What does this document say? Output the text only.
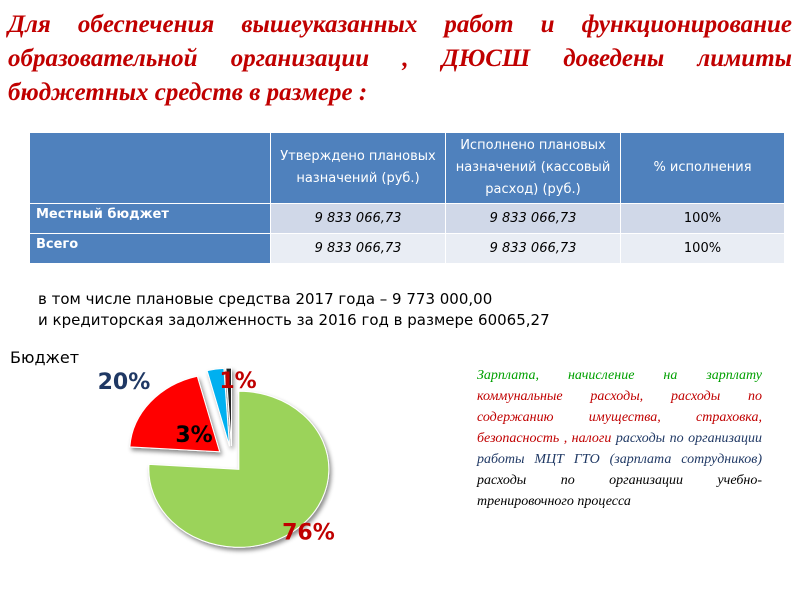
Для обеспечения вышеуказанных работ и функционирование образовательной организации , ДЮСШ доведены лимиты бюджетных средств в размере :

	Утверждено плановых назначений (руб.)	Исполнено плановых назначений (кассовый расход) (руб.)	% исполнения
Местный бюджет	9 833 066,73	9 833 066,73	100%
Всего	9 833 066,73	9 833 066,73	100%
в том числе плановые средства 2017 года – 9 773 000,00
и кредиторская задолженность за 2016 год в размере 60065,27
Бюджет
76%
20%
3%
1%	Зарплата, начисление на зарплату коммунальные расходы, расходы по содержанию имущества, страховка, безопасность , налоги расходы по организации работы МЦТ ГТО (зарплата сотрудников) расходы по организации учебно-тренировочного процесса
